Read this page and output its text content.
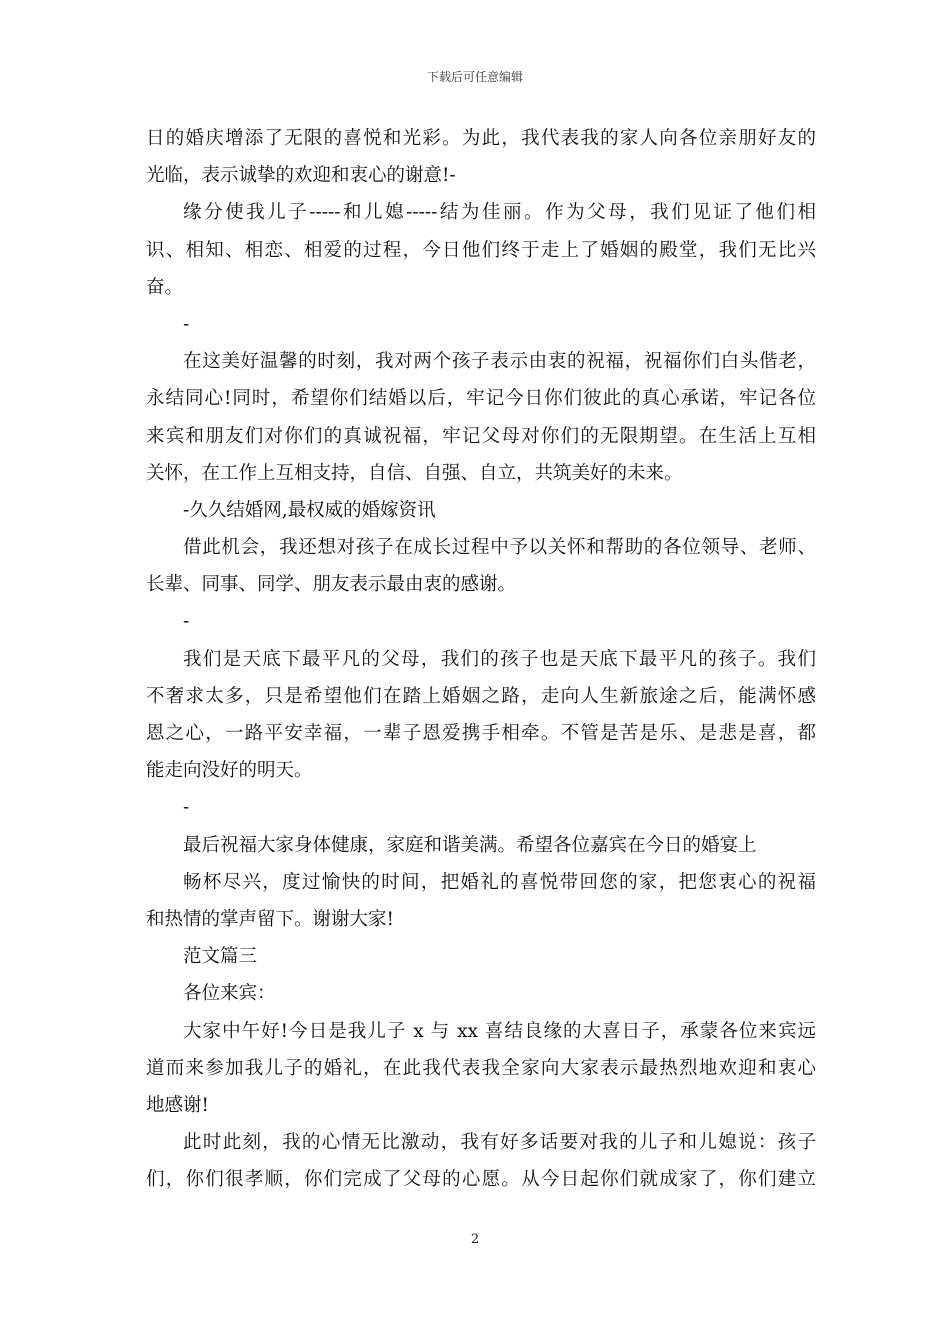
下载后可任意编辑
日的婚庆增添了无限的喜悦和光彩。为此，我代表我的家人向各位亲朋好友的
光临，表示诚挚的欢迎和衷心的谢意!-
缘分使我儿子-----和儿媳-----结为佳丽。作为父母，我们见证了他们相
识、相知、相恋、相爱的过程，今日他们终于走上了婚姻的殿堂，我们无比兴
奋。
-
在这美好温馨的时刻，我对两个孩子表示由衷的祝福，祝福你们白头偕老，
永结同心!同时，希望你们结婚以后，牢记今日你们彼此的真心承诺，牢记各位
来宾和朋友们对你们的真诚祝福，牢记父母对你们的无限期望。在生活上互相
关怀，在工作上互相支持，自信、自强、自立，共筑美好的未来。
-久久结婚网,最权威的婚嫁资讯
借此机会，我还想对孩子在成长过程中予以关怀和帮助的各位领导、老师、
长辈、同事、同学、朋友表示最由衷的感谢。
-
我们是天底下最平凡的父母，我们的孩子也是天底下最平凡的孩子。我们
不奢求太多，只是希望他们在踏上婚姻之路，走向人生新旅途之后，能满怀感
恩之心，一路平安幸福，一辈子恩爱携手相牵。不管是苦是乐、是悲是喜，都
能走向没好的明天。
-
最后祝福大家身体健康，家庭和谐美满。希望各位嘉宾在今日的婚宴上
畅杯尽兴，度过愉快的时间，把婚礼的喜悦带回您的家，把您衷心的祝福
和热情的掌声留下。谢谢大家!
范文篇三
各位来宾：
大家中午好!今日是我儿子 x 与 xx 喜结良缘的大喜日子，承蒙各位来宾远
道而来参加我儿子的婚礼，在此我代表我全家向大家表示最热烈地欢迎和衷心
地感谢!
此时此刻，我的心情无比激动，我有好多话要对我的儿子和儿媳说：孩子
们，你们很孝顺，你们完成了父母的心愿。从今日起你们就成家了，你们建立
2
